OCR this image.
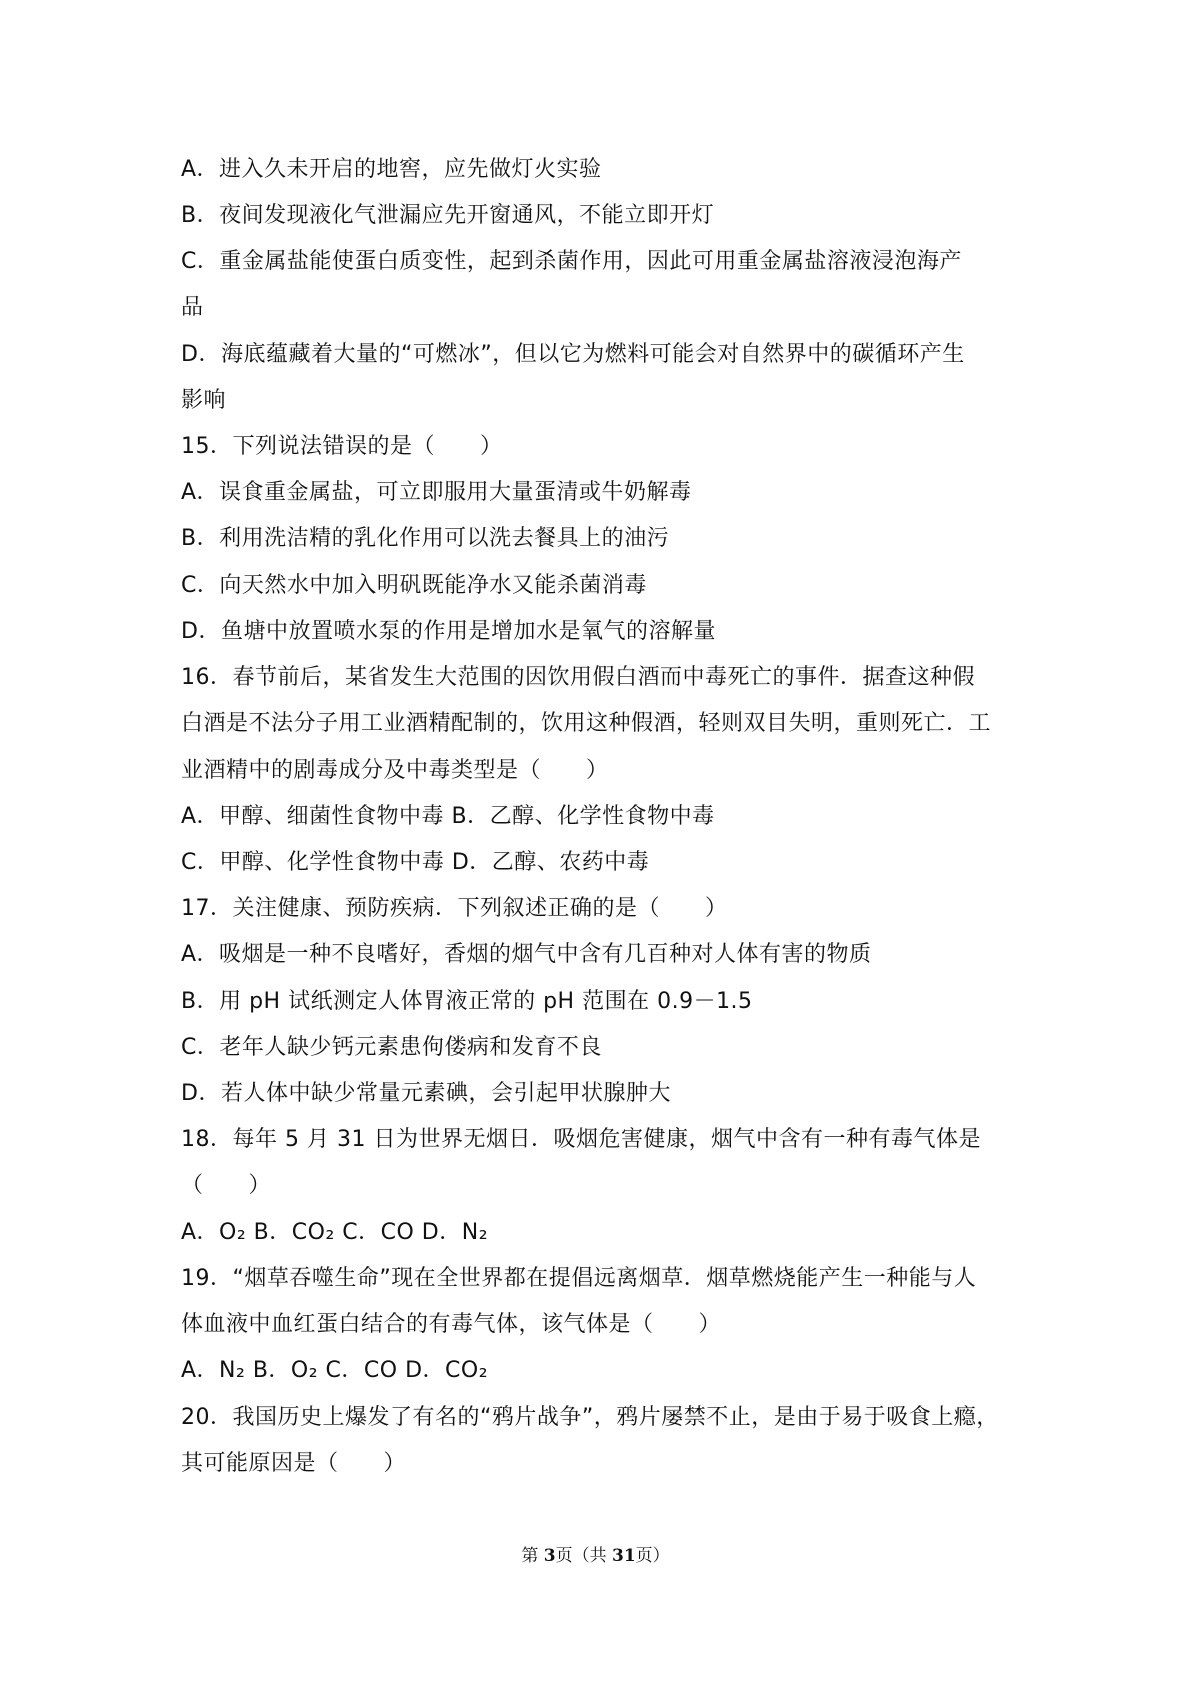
A．进入久未开启的地窖，应先做灯火实验
B．夜间发现液化气泄漏应先开窗通风，不能立即开灯
C．重金属盐能使蛋白质变性，起到杀菌作用，因此可用重金属盐溶液浸泡海产
品
D．海底蕴藏着大量的“可燃冰”，但以它为燃料可能会对自然界中的碳循环产生
影响
15．下列说法错误的是（　　）
A．误食重金属盐，可立即服用大量蛋清或牛奶解毒
B．利用洗洁精的乳化作用可以洗去餐具上的油污
C．向天然水中加入明矾既能净水又能杀菌消毒
D．鱼塘中放置喷水泵的作用是增加水是氧气的溶解量
16．春节前后，某省发生大范围的因饮用假白酒而中毒死亡的事件．据查这种假
白酒是不法分子用工业酒精配制的，饮用这种假酒，轻则双目失明，重则死亡．工
业酒精中的剧毒成分及中毒类型是（　　）
A．甲醇、细菌性食物中毒 B．乙醇、化学性食物中毒
C．甲醇、化学性食物中毒 D．乙醇、农药中毒
17．关注健康、预防疾病．下列叙述正确的是（　　）
A．吸烟是一种不良嗜好，香烟的烟气中含有几百种对人体有害的物质
B．用 pH 试纸测定人体胃液正常的 pH 范围在 0.9－1.5
C．老年人缺少钙元素患佝偻病和发育不良
D．若人体中缺少常量元素碘，会引起甲状腺肿大
18．每年 5 月 31 日为世界无烟日．吸烟危害健康，烟气中含有一种有毒气体是
（　　）
A．O₂ B．CO₂ C．CO D．N₂
19．“烟草吞噬生命”现在全世界都在提倡远离烟草．烟草燃烧能产生一种能与人
体血液中血红蛋白结合的有毒气体，该气体是（　　）
A．N₂ B．O₂ C．CO D．CO₂
20．我国历史上爆发了有名的“鸦片战争”，鸦片屡禁不止，是由于易于吸食上瘾，
其可能原因是（　　）
第 3页（共 31页）
